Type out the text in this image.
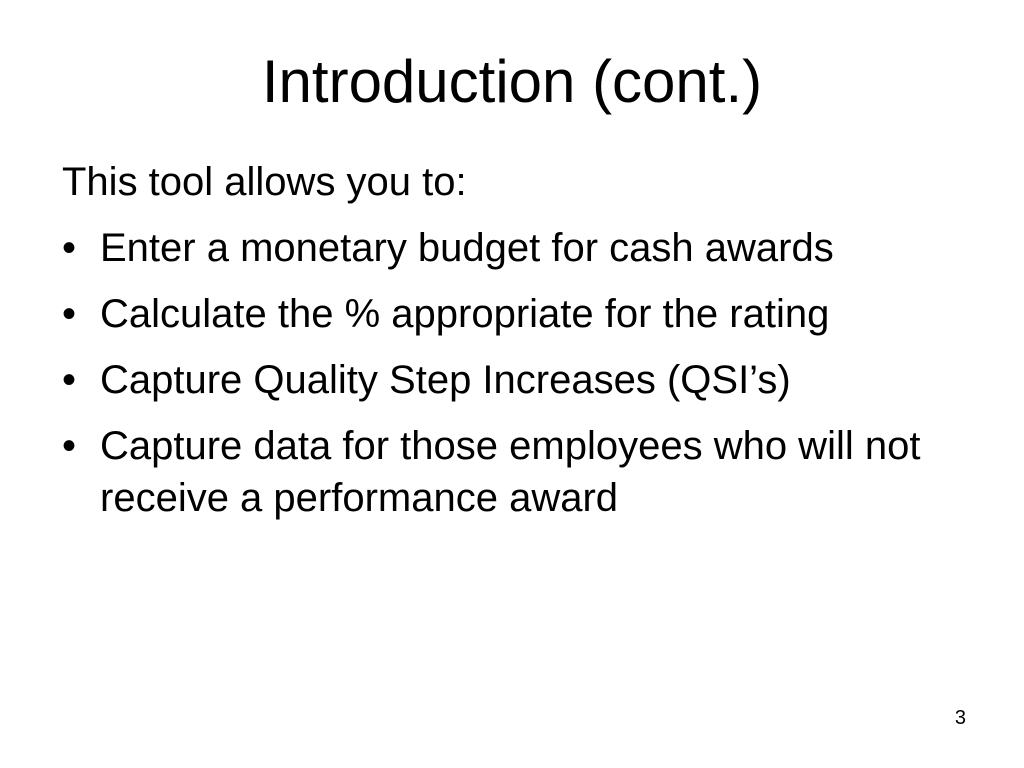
Introduction (cont.)

This tool allows you to:

• Enter a monetary budget for cash awards
• Calculate the % appropriate for the rating
• Capture Quality Step Increases (QSI’s)
• Capture data for those employees who will not receive a performance award
3
